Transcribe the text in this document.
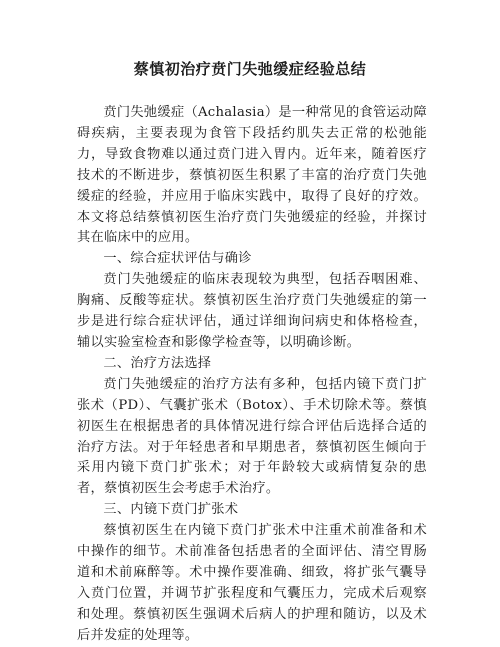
蔡慎初治疗贲门失弛缓症经验总结

贲门失弛缓症（Achalasia）是一种常见的食管运动障碍疾病，主要表现为食管下段括约肌失去正常的松弛能力，导致食物难以通过贲门进入胃内。近年来，随着医疗技术的不断进步，蔡慎初医生积累了丰富的治疗贲门失弛缓症的经验，并应用于临床实践中，取得了良好的疗效。本文将总结蔡慎初医生治疗贲门失弛缓症的经验，并探讨其在临床中的应用。

一、综合症状评估与确诊

贲门失弛缓症的临床表现较为典型，包括吞咽困难、胸痛、反酸等症状。蔡慎初医生治疗贲门失弛缓症的第一步是进行综合症状评估，通过详细询问病史和体格检查，辅以实验室检查和影像学检查等，以明确诊断。

二、治疗方法选择

贲门失弛缓症的治疗方法有多种，包括内镜下贲门扩张术（PD）、气囊扩张术（Botox）、手术切除术等。蔡慎初医生在根据患者的具体情况进行综合评估后选择合适的治疗方法。对于年轻患者和早期患者，蔡慎初医生倾向于采用内镜下贲门扩张术；对于年龄较大或病情复杂的患者，蔡慎初医生会考虑手术治疗。

三、内镜下贲门扩张术

蔡慎初医生在内镜下贲门扩张术中注重术前准备和术中操作的细节。术前准备包括患者的全面评估、清空胃肠道和术前麻醉等。术中操作要准确、细致，将扩张气囊导入贲门位置，并调节扩张程度和气囊压力，完成术后观察和处理。蔡慎初医生强调术后病人的护理和随访，以及术后并发症的处理等。
